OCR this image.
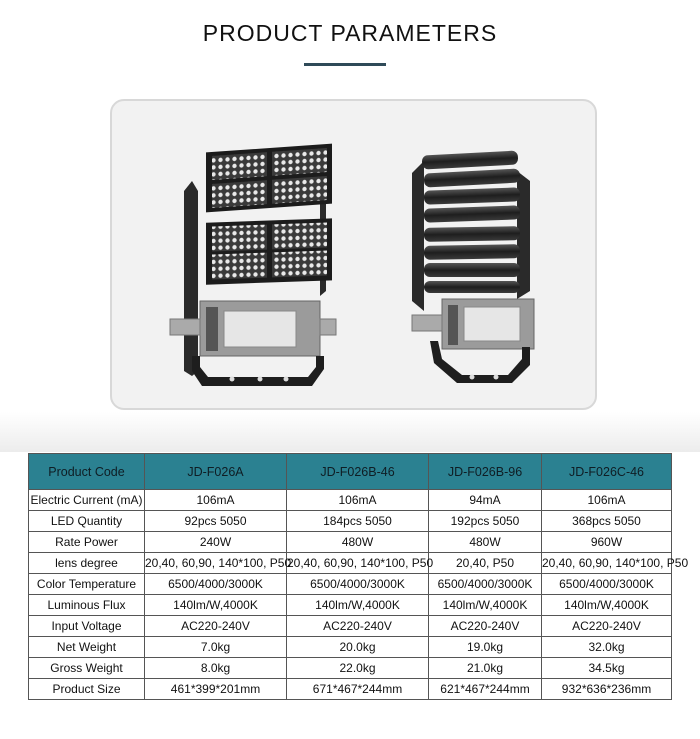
PRODUCT PARAMETERS
Product Code	JD-F026A	JD-F026B-46	JD-F026B-96	JD-F026C-46
Electric Current (mA)	106mA	106mA	94mA	106mA
LED Quantity	92pcs 5050	184pcs 5050	192pcs 5050	368pcs 5050
Rate Power	240W	480W	480W	960W
lens degree	20,40, 60,90, 140*100, P50	20,40, 60,90, 140*100, P50	20,40, P50	20,40, 60,90, 140*100, P50
Color Temperature	6500/4000/3000K	6500/4000/3000K	6500/4000/3000K	6500/4000/3000K
Luminous Flux	140lm/W,4000K	140lm/W,4000K	140lm/W,4000K	140lm/W,4000K
Input Voltage	AC220-240V	AC220-240V	AC220-240V	AC220-240V
Net Weight	7.0kg	20.0kg	19.0kg	32.0kg
Gross Weight	8.0kg	22.0kg	21.0kg	34.5kg
Product Size	461*399*201mm	671*467*244mm	621*467*244mm	932*636*236mm
